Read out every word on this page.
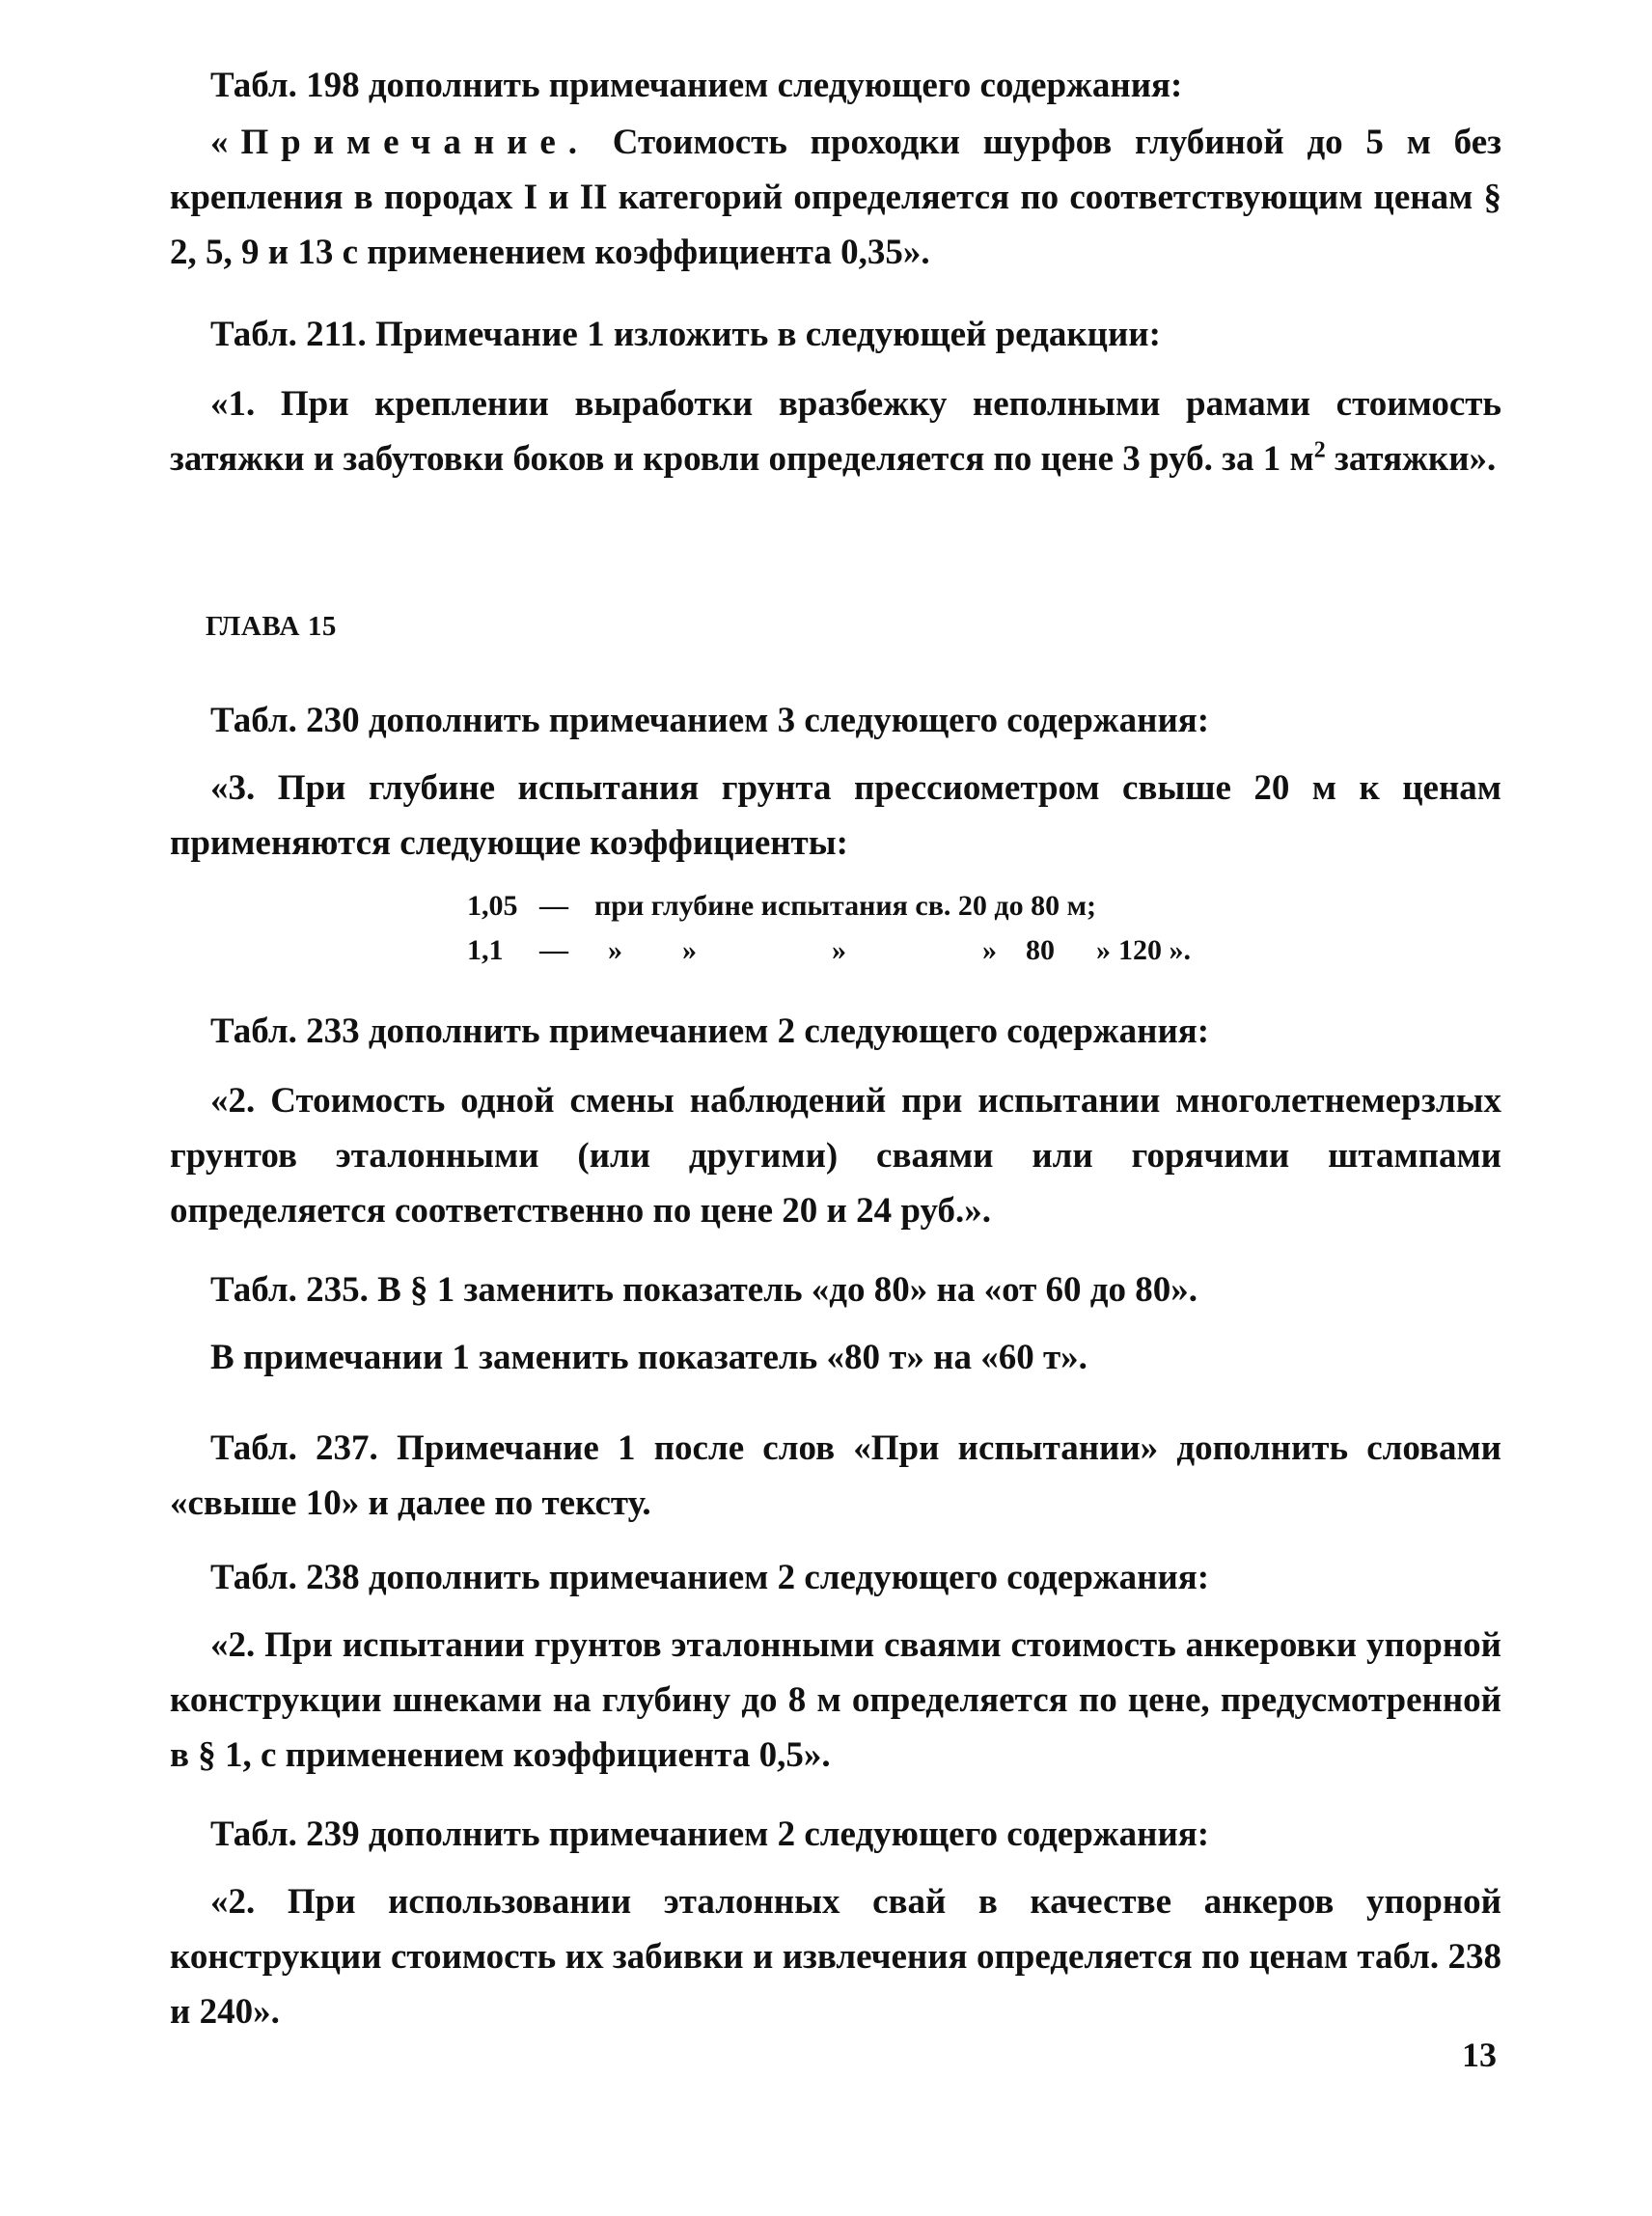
Табл. 198 дополнить примечанием следующего содержания:

«Примечание. Стоимость проходки шурфов глубиной до 5 м без крепления в породах I и II категорий определяется по соответствующим ценам § 2, 5, 9 и 13 с применением коэффициента 0,35».

Табл. 211. Примечание 1 изложить в следующей редакции:

«1. При креплении выработки вразбежку неполными рамами стоимость затяжки и забутовки боков и кровли определяется по цене 3 руб. за 1 $м^2$ затяжки».

ГЛАВА 15

Табл. 230 дополнить примечанием 3 следующего содержания:

«3. При глубине испытания грунта прессиометром свыше 20 м к ценам применяются следующие коэффициенты:

1,05 — при глубине испытания св. 20 до 80 м;
1,1 — » »	»	» 80 » 120 ».

Табл. 233 дополнить примечанием 2 следующего содержания:

«2. Стоимость одной смены наблюдений при испытании многолетнемерзлых грунтов эталонными (или другими) сваями или горячими штампами определяется соответственно по цене 20 и 24 руб.».

Табл. 235. В § 1 заменить показатель «до 80» на «от 60 до 80».

В примечании 1 заменить показатель «80 т» на «60 т».

Табл. 237. Примечание 1 после слов «При испытании» дополнить словами «свыше 10» и далее по тексту.

Табл. 238 дополнить примечанием 2 следующего содержания:

«2. При испытании грунтов эталонными сваями стоимость анкеровки упорной конструкции шнеками на глубину до 8 м определяется по цене, предусмотренной в § 1, с применением коэффициента 0,5».

Табл. 239 дополнить примечанием 2 следующего содержания:

«2. При использовании эталонных свай в качестве анкеров упорной конструкции стоимость их забивки и извлечения определяется по ценам табл. 238 и 240».

13
